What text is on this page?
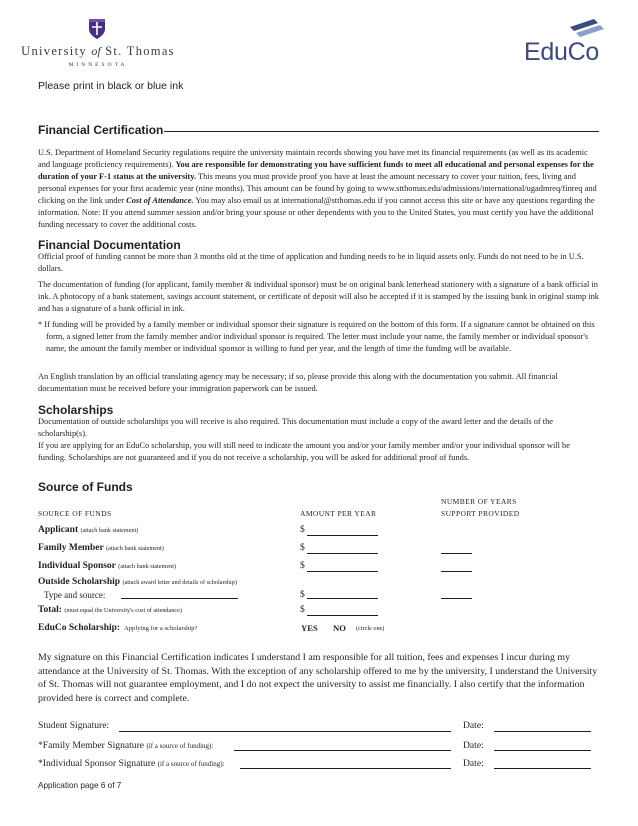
University of St. Thomas
MINNESOTA	EduCo
Please print in black or blue ink
Financial Certification
U.S. Department of Homeland Security regulations require the university maintain records showing you have met its financial requirements (as well as its academic and language proficiency requirements). You are responsible for demonstrating you have sufficient funds to meet all educational and personal expenses for the duration of your F-1 status at the university. This means you must provide proof you have at least the amount necessary to cover your tuition, fees, living and personal expenses for your first academic year (nine months). This amount can be found by going to www.stthomas.edu/admissions/international/ugadmreq/finreq and clicking on the link under Cost of Attendance. You may also email us at international@stthomas.edu if you cannot access this site or have any questions regarding the information. Note: If you attend summer session and/or bring your spouse or other dependents with you to the United States, you must certify you have the additional funding necessary to cover the additional costs.
Financial Documentation
Official proof of funding cannot be more than 3 months old at the time of application and funding needs to be in liquid assets only. Funds do not need to be in U.S. dollars.
The documentation of funding (for applicant, family member & individual sponsor) must be on original bank letterhead stationery with a signature of a bank official in ink. A photocopy of a bank statement, savings account statement, or certificate of deposit will also be accepted if it is stamped by the issuing bank in original stamp ink and has a signature of a bank official in ink.
* If funding will be provided by a family member or individual sponsor their signature is required on the bottom of this form. If a signature cannot be obtained on this form, a signed letter from the family member and/or individual sponsor is required. The letter must include your name, the family member or individual sponsor's name, the amount the family member or individual sponsor is willing to fund per year, and the length of time the funding will be available.
An English translation by an official translating agency may be necessary; if so, please provide this along with the documentation you submit. All financial documentation must be received before your immigration paperwork can be issued.
Scholarships
Documentation of outside scholarships you will receive is also required. This documentation must include a copy of the award letter and the details of the scholarship(s).
If you are applying for an EduCo scholarship, you will still need to indicate the amount you and/or your family member and/or your individual sponsor will be funding. Scholarships are not guaranteed and if you do not receive a scholarship, you will be asked for additional proof of funds.
Source of Funds
SOURCE OF FUNDS	AMOUNT PER YEAR
NUMBER OF YEARS
SUPPORT PROVIDED
Applicant (attach bank statement)	$
Family Member (attach bank statement)	$
Individual Sponsor (attach bank statement)	$
Outside Scholarship (attach award letter and details of scholarship)
Type and source:	$
Total: (must equal the University's cost of attendance)	$
EduCo Scholarship: Applying for a scholarship?	YES NO (circle one)
My signature on this Financial Certification indicates I understand I am responsible for all tuition, fees and expenses I incur during my attendance at the University of St. Thomas. With the exception of any scholarship offered to me by the university, I understand the University of St. Thomas will not guarantee employment, and I do not expect the university to assist me financially. I also certify that the information provided here is correct and complete.
Student Signature:	Date:
*Family Member Signature (if a source of funding):	Date:
*Individual Sponsor Signature (if a source of funding):	Date:
Application page 6 of 7
